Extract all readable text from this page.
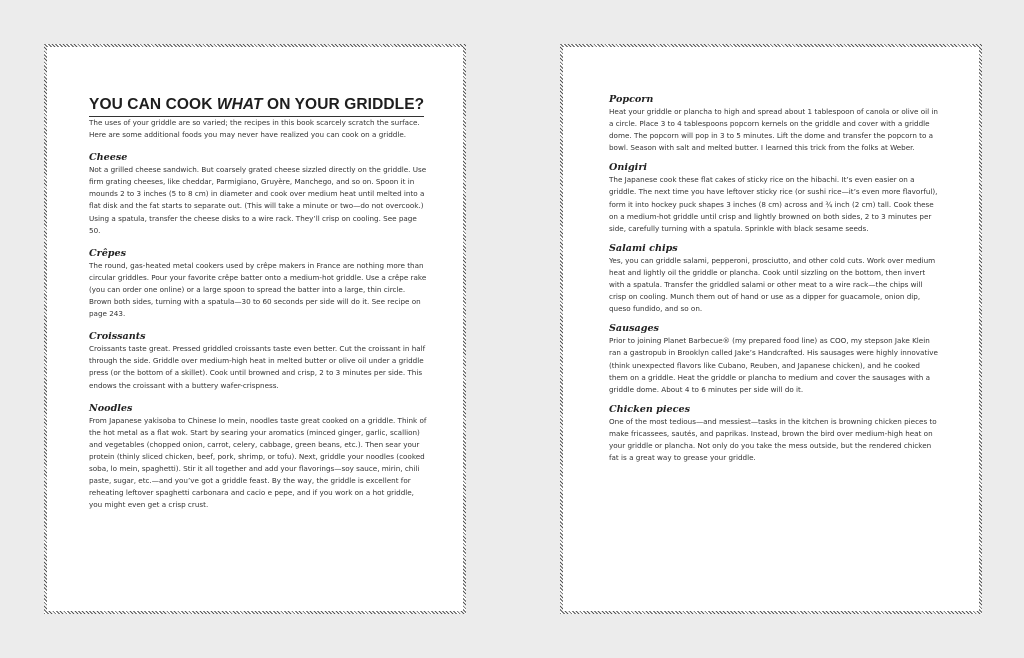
YOU CAN COOK WHAT ON YOUR GRIDDLE?

The uses of your griddle are so varied; the recipes in this book scarcely scratch the surface. Here are some additional foods you may never have realized you can cook on a griddle.

Cheese

Not a grilled cheese sandwich. But coarsely grated cheese sizzled directly on the griddle. Use firm grating cheeses, like cheddar, Parmigiano, Gruyère, Manchego, and so on. Spoon it in mounds 2 to 3 inches (5 to 8 cm) in diameter and cook over medium heat until melted into a flat disk and the fat starts to separate out. (This will take a minute or two—do not overcook.) Using a spatula, transfer the cheese disks to a wire rack. They’ll crisp on cooling. See page 50.

Crêpes

The round, gas-heated metal cookers used by crêpe makers in France are nothing more than circular griddles. Pour your favorite crêpe batter onto a medium-hot griddle. Use a crêpe rake (you can order one online) or a large spoon to spread the batter into a large, thin circle. Brown both sides, turning with a spatula—30 to 60 seconds per side will do it. See recipe on page 243.

Croissants

Croissants taste great. Pressed griddled croissants taste even better. Cut the croissant in half through the side. Griddle over medium-high heat in melted butter or olive oil under a griddle press (or the bottom of a skillet). Cook until browned and crisp, 2 to 3 minutes per side. This endows the croissant with a buttery wafer-crispness.

Noodles

From Japanese yakisoba to Chinese lo mein, noodles taste great cooked on a griddle. Think of the hot metal as a flat wok. Start by searing your aromatics (minced ginger, garlic, scallion) and vegetables (chopped onion, carrot, celery, cabbage, green beans, etc.). Then sear your protein (thinly sliced chicken, beef, pork, shrimp, or tofu). Next, griddle your noodles (cooked soba, lo mein, spaghetti). Stir it all together and add your flavorings—soy sauce, mirin, chili paste, sugar, etc.—and you’ve got a griddle feast. By the way, the griddle is excellent for reheating leftover spaghetti carbonara and cacio e pepe, and if you work on a hot griddle, you might even get a crisp crust.

Popcorn

Heat your griddle or plancha to high and spread about 1 tablespoon of canola or olive oil in a circle. Place 3 to 4 tablespoons popcorn kernels on the griddle and cover with a griddle dome. The popcorn will pop in 3 to 5 minutes. Lift the dome and transfer the popcorn to a bowl. Season with salt and melted butter. I learned this trick from the folks at Weber.

Onigiri

The Japanese cook these flat cakes of sticky rice on the hibachi. It’s even easier on a griddle. The next time you have leftover sticky rice (or sushi rice—it’s even more flavorful), form it into hockey puck shapes 3 inches (8 cm) across and ¾ inch (2 cm) tall. Cook these on a medium-hot griddle until crisp and lightly browned on both sides, 2 to 3 minutes per side, carefully turning with a spatula. Sprinkle with black sesame seeds.

Salami chips

Yes, you can griddle salami, pepperoni, prosciutto, and other cold cuts. Work over medium heat and lightly oil the griddle or plancha. Cook until sizzling on the bottom, then invert with a spatula. Transfer the griddled salami or other meat to a wire rack—the chips will crisp on cooling. Munch them out of hand or use as a dipper for guacamole, onion dip, queso fundido, and so on.

Sausages

Prior to joining Planet Barbecue® (my prepared food line) as COO, my stepson Jake Klein ran a gastropub in Brooklyn called Jake’s Handcrafted. His sausages were highly innovative (think unexpected flavors like Cubano, Reuben, and Japanese chicken), and he cooked them on a griddle. Heat the griddle or plancha to medium and cover the sausages with a griddle dome. About 4 to 6 minutes per side will do it.

Chicken pieces

One of the most tedious—and messiest—tasks in the kitchen is browning chicken pieces to make fricassees, sautés, and paprikas. Instead, brown the bird over medium-high heat on your griddle or plancha. Not only do you take the mess outside, but the rendered chicken fat is a great way to grease your griddle.
